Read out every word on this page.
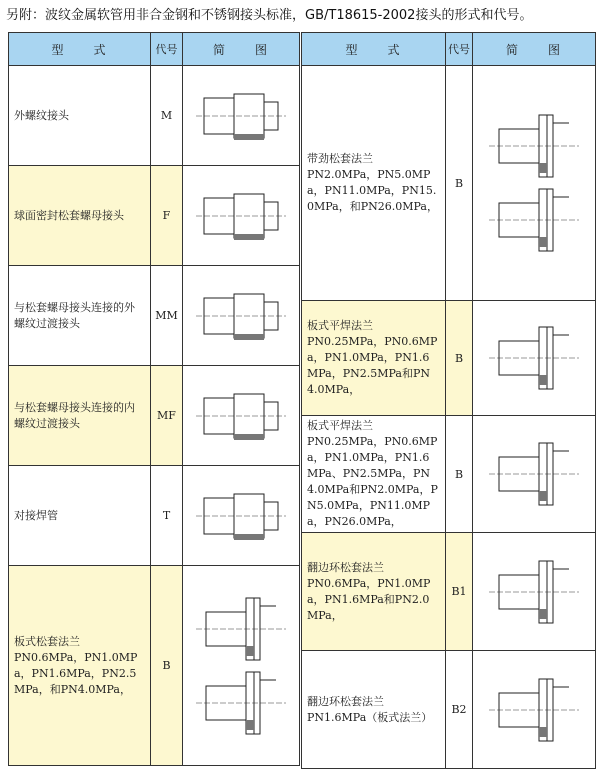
另附：波纹金属软管用非合金钢和不锈钢接头标准，GB/T18615-2002接头的形式和代号。
型　　式	代号	简　　图

外螺纹接头	M	

球面密封松套螺母接头	F	

与松套螺母接头连接的外螺纹过渡接头	MM	

与松套螺母接头连接的内螺纹过渡接头	MF	

对接焊管	T	

板式松套法兰
PN0.6MPa，PN1.0MPa，PN1.6MPa，PN2.5MPa，和PN4.0MPa，	B	
型　　式	代号	简　　图

带劲松套法兰
PN2.0MPa，PN5.0MPa，PN11.0MPa，PN15.0MPa，和PN26.0MPa，	B	

板式平焊法兰
PN0.25MPa，PN0.6MPa，PN1.0MPa，PN1.6MPa，PN2.5MPa和PN4.0MPa，	B	

板式平焊法兰
PN0.25MPa，PN0.6MPa，PN1.0MPa，PN1.6MPa、PN2.5MPa，PN4.0MPa和PN2.0MPa，PN5.0MPa，PN11.0MPa，PN26.0MPa，	B	

翻边环松套法兰
PN0.6MPa，PN1.0MPa，PN1.6MPa和PN2.0MPa，	B1	

翻边环松套法兰
PN1.6MPa（板式法兰）	B2	
